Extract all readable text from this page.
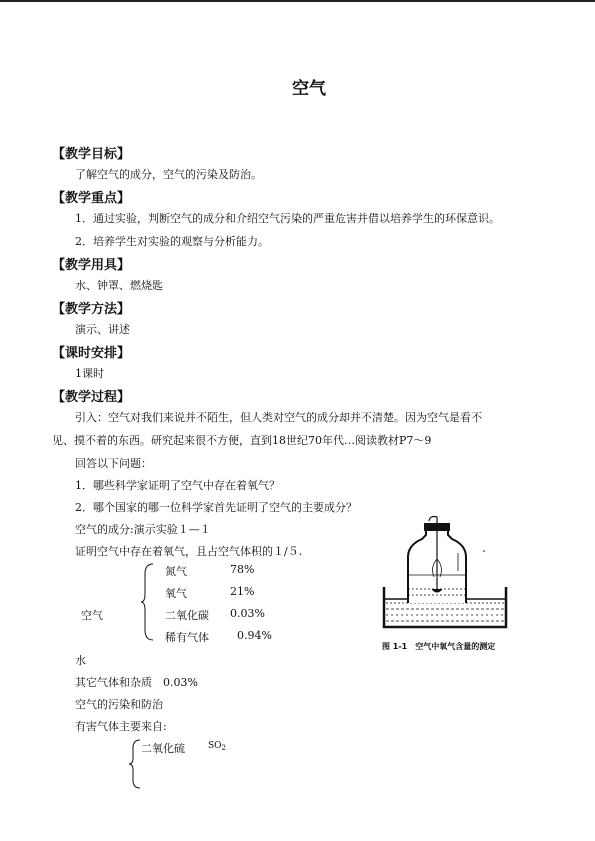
空气
【教学目标】
了解空气的成分，空气的污染及防治。
【教学重点】
1．通过实验，判断空气的成分和介绍空气污染的严重危害并借以培养学生的环保意识。
2．培养学生对实验的观察与分析能力。
【教学用具】
水、钟罩、燃烧匙
【教学方法】
演示、讲述
【课时安排】
1课时
【教学过程】
引入：空气对我们来说并不陌生，但人类对空气的成分却并不清楚。因为空气是看不
见、摸不着的东西。研究起来很不方便，直到18世纪70年代…阅读教材P7～9
回答以下问题：
1．哪些科学家证明了空气中存在着氧气？
2．哪个国家的哪一位科学家首先证明了空气的主要成分？
空气的成分:演示实验１—１
证明空气中存在着氧气，且占空气体积的１/５.
空气
氮气	78%
氧气	21%
二氧化碳 0.03%
稀有气体	0.94%
水
其它气体和杂质　0.03%
空气的污染和防治
有害气体主要来自:
二氧化硫	$SO_2$
图 1-1　空气中氧气含量的测定
